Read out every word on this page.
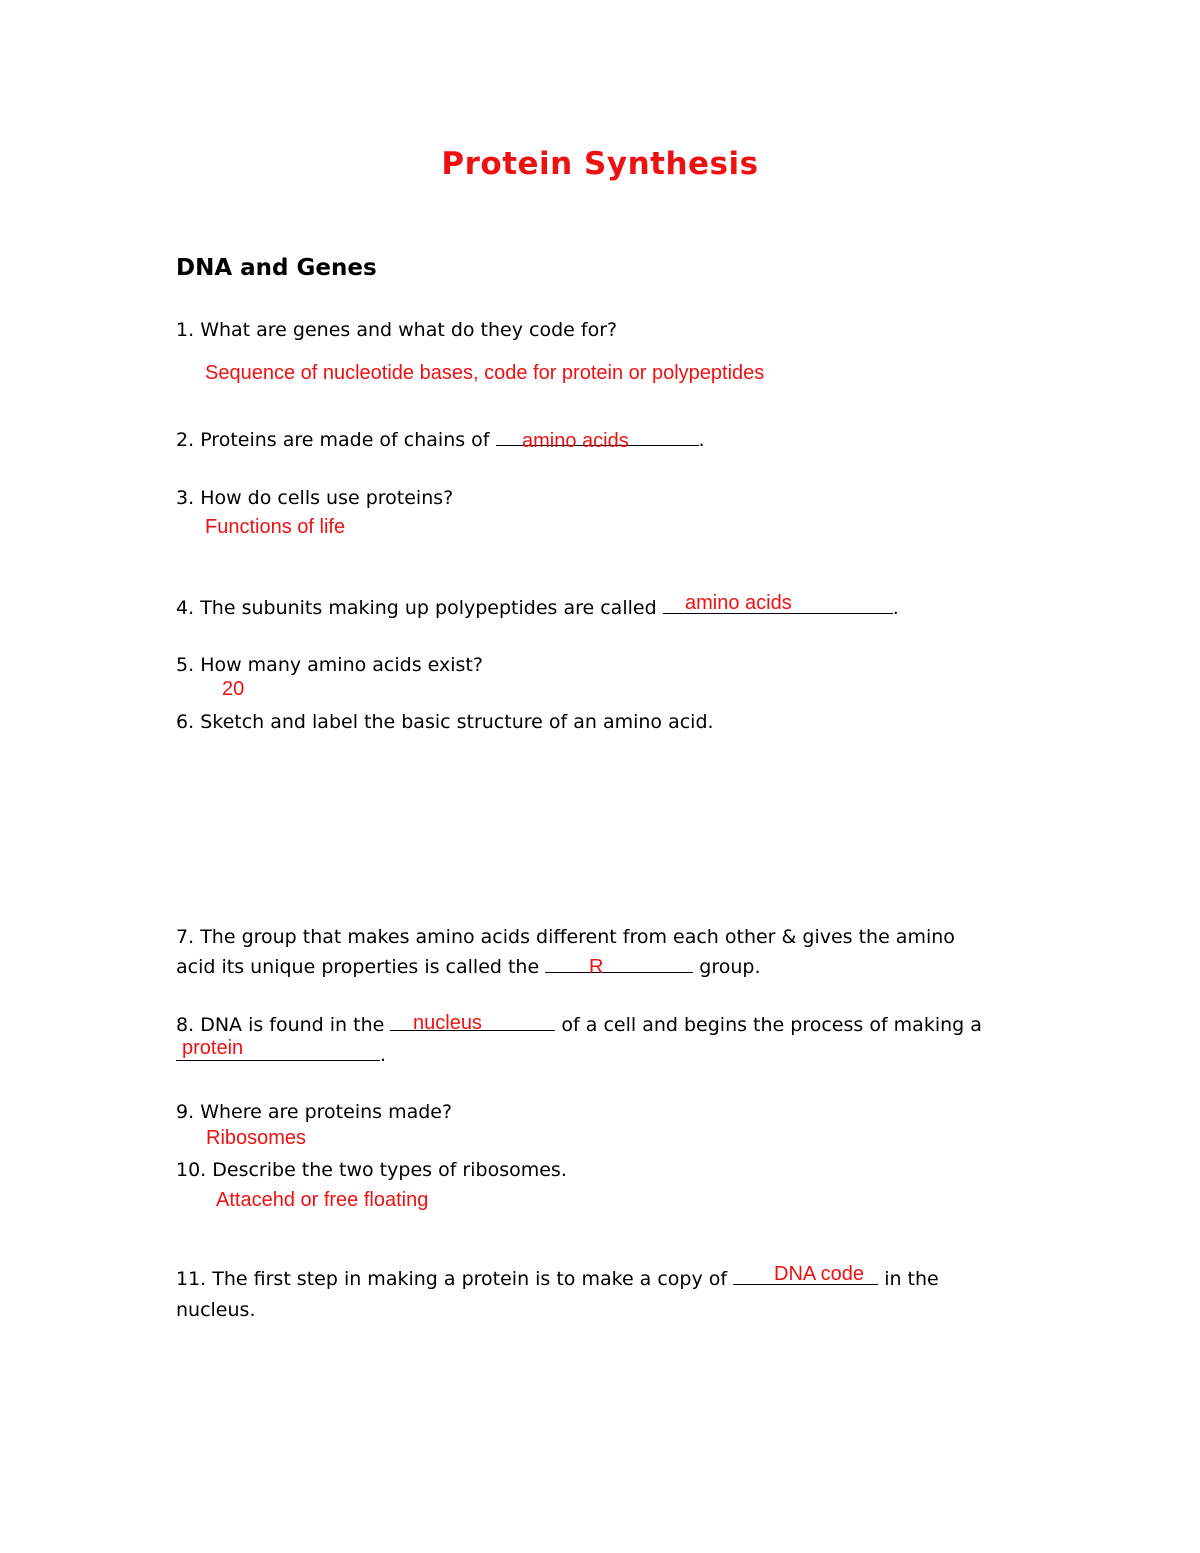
Protein Synthesis
DNA and Genes
1. What are genes and what do they code for?
Sequence of nucleotide bases, code for protein or polypeptides
2. Proteins are made of chains of	.
amino acids
3. How do cells use proteins?
Functions of life
4. The subunits making up polypeptides are called	.
amino acids
5. How many amino acids exist?
20
6. Sketch and label the basic structure of an amino acid.
7. The group that makes amino acids different from each other & gives the amino
acid its unique properties is called the	group.
R
8. DNA is found in the	of a cell and begins the process of making a
nucleus
.
protein
9. Where are proteins made?
Ribosomes
10. Describe the two types of ribosomes.
Attacehd or free floating
11. The first step in making a protein is to make a copy of	in the
DNA code
nucleus.
